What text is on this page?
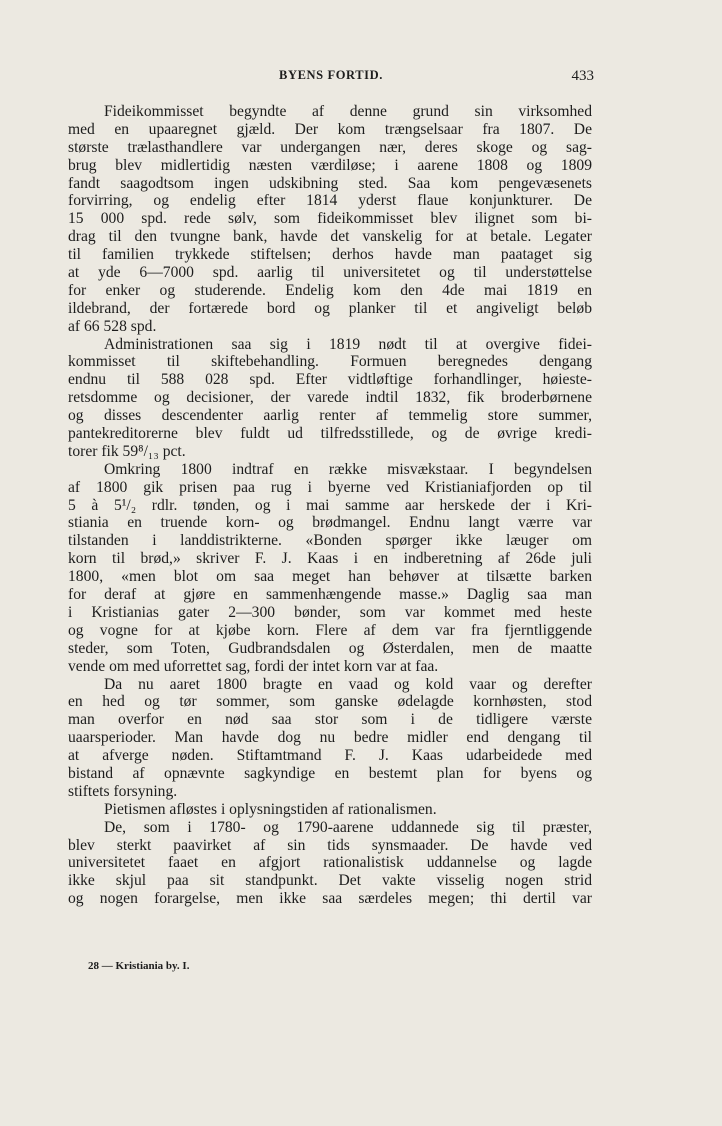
BYENS FORTID.	433
Fideikommisset begyndte af denne grund sin virksomhed
med en upaaregnet gjæld. Der kom trængselsaar fra 1807. De
største trælasthandlere var undergangen nær, deres skoge og sag-
brug blev midlertidig næsten værdiløse; i aarene 1808 og 1809
fandt saagodtsom ingen udskibning sted. Saa kom pengevæsenets
forvirring, og endelig efter 1814 yderst flaue konjunkturer. De
15 000 spd. rede sølv, som fideikommisset blev ilignet som bi-
drag til den tvungne bank, havde det vanskelig for at betale. Legater
til familien trykkede stiftelsen; derhos havde man paataget sig
at yde 6—7000 spd. aarlig til universitetet og til understøttelse
for enker og studerende. Endelig kom den 4de mai 1819 en
ildebrand, der fortærede bord og planker til et angiveligt beløb
af 66 528 spd.
Administrationen saa sig i 1819 nødt til at overgive fidei-
kommisset til skiftebehandling. Formuen beregnedes dengang
endnu til 588 028 spd. Efter vidtløftige forhandlinger, høieste-
retsdomme og decisioner, der varede indtil 1832, fik broderbørnene
og disses descendenter aarlig renter af temmelig store summer,
pantekreditorerne blev fuldt ud tilfredsstillede, og de øvrige kredi-
torer fik 59⁸/₁₃ pct.
Omkring 1800 indtraf en række misvækstaar. I begyndelsen
af 1800 gik prisen paa rug i byerne ved Kristianiafjorden op til
5 à 5¹/₂ rdlr. tønden, og i mai samme aar herskede der i Kri-
stiania en truende korn- og brødmangel. Endnu langt værre var
tilstanden i landdistrikterne. «Bonden spørger ikke læuger om
korn til brød,» skriver F. J. Kaas i en indberetning af 26de juli
1800, «men blot om saa meget han behøver at tilsætte barken
for deraf at gjøre en sammenhængende masse.» Daglig saa man
i Kristianias gater 2—300 bønder, som var kommet med heste
og vogne for at kjøbe korn. Flere af dem var fra fjerntliggende
steder, som Toten, Gudbrandsdalen og Østerdalen, men de maatte
vende om med uforrettet sag, fordi der intet korn var at faa.
Da nu aaret 1800 bragte en vaad og kold vaar og derefter
en hed og tør sommer, som ganske ødelagde kornhøsten, stod
man overfor en nød saa stor som i de tidligere værste
uaarsperioder. Man havde dog nu bedre midler end dengang til
at afverge nøden. Stiftamtmand F. J. Kaas udarbeidede med
bistand af opnævnte sagkyndige en bestemt plan for byens og
stiftets forsyning.
Pietismen afløstes i oplysningstiden af rationalismen.
De, som i 1780- og 1790-aarene uddannede sig til præster,
blev sterkt paavirket af sin tids synsmaader. De havde ved
universitetet faaet en afgjort rationalistisk uddannelse og lagde
ikke skjul paa sit standpunkt. Det vakte visselig nogen strid
og nogen forargelse, men ikke saa særdeles megen; thi dertil var
28 — Kristiania by. I.
